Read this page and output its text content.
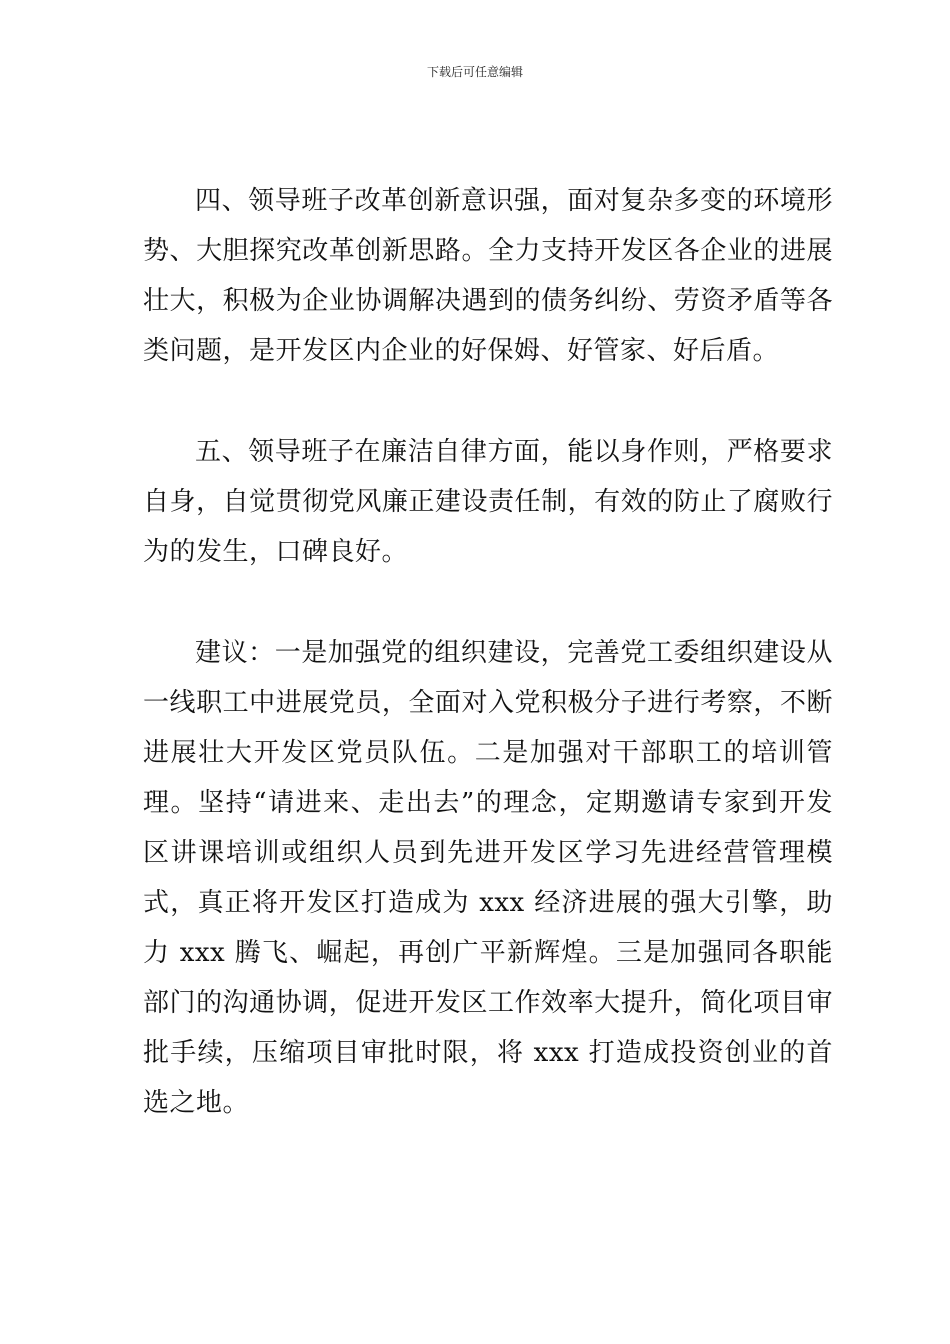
下载后可任意编辑

四、领导班子改革创新意识强，面对复杂多变的环境形势、大胆探究改革创新思路。全力支持开发区各企业的进展壮大，积极为企业协调解决遇到的债务纠纷、劳资矛盾等各类问题，是开发区内企业的好保姆、好管家、好后盾。

五、领导班子在廉洁自律方面，能以身作则，严格要求自身，自觉贯彻党风廉正建设责任制，有效的防止了腐败行为的发生，口碑良好。

建议：一是加强党的组织建设，完善党工委组织建设从一线职工中进展党员，全面对入党积极分子进行考察，不断进展壮大开发区党员队伍。二是加强对干部职工的培训管理。坚持“请进来、走出去”的理念，定期邀请专家到开发区讲课培训或组织人员到先进开发区学习先进经营管理模式，真正将开发区打造成为 xxx 经济进展的强大引擎，助力 xxx 腾飞、崛起，再创广平新辉煌。三是加强同各职能部门的沟通协调，促进开发区工作效率大提升，简化项目审批手续，压缩项目审批时限，将 xxx 打造成投资创业的首选之地。
